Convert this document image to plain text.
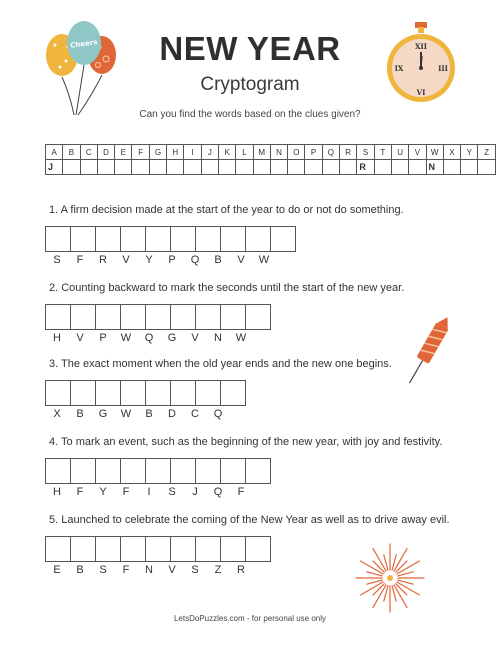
Cheers	NEW YEAR
Cryptogram
XII
IX	III
VI
Can you find the words based on the clues given?
A	B	C	D	E	F	G	H	I	J	K	L	M	N	O	P	Q	R	S	T	U	V	W	X	Y	Z
J																		R				N			
1. A firm decision made at the start of the year to do or not do something.
S	F	R	V	Y	P	Q	B	V	W
2. Counting backward to mark the seconds until the start of the new year.
H	V	P	W	Q	G	V	N	W
3. The exact moment when the old year ends and the new one begins.
X	B	G	W	B	D	C	Q
4. To mark an event, such as the beginning of the new year, with joy and festivity.
H	F	Y	F	I	S	J	Q	F
5. Launched to celebrate the coming of the New Year as well as to drive away evil.
E	B	S	F	N	V	S	Z	R
LetsDoPuzzles.com - for personal use only
